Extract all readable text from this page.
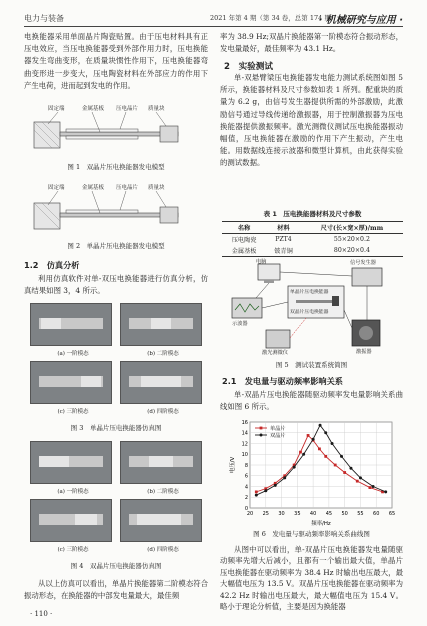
电力与装备	2021 年第 4 期（第 34 卷，总第 174 期）
· 机械研究与应用 ·

电换能器采用单面晶片陶瓷贴置。由于压电材料具有正压电效应，当压电换能器受到外部作用力时，压电换能器发生弯曲变形，在质量块惯性作用下，压电换能器弯曲变形进一步变大，压电陶瓷材料在外部应力的作用下产生电荷，进而起到发电的作用。

固定端	金属基板 压电晶片 质量块
图 1　双晶片压电换能器发电模型
固定端	金属基板 压电晶片 质量块
图 2　单晶片压电换能器发电模型
1.2　仿真分析

利用仿真软件对单-双压电换能器进行仿真分析，仿真结果如图 3，4 所示。

(a) 一阶模态	(b) 二阶模态
(c) 三阶模态	(d) 四阶模态
图 3　单晶片压电换能器仿真图
(a) 一阶模态	(b) 二阶模态
(c) 三阶模态	(d) 四阶模态
图 4　双晶片压电换能器仿真图

从以上仿真可以看出，单晶片换能器第二阶模态符合振动形态，在换能器的中部发电量最大，最佳频

· 110 ·

率为 38.9 Hz;双晶片换能器第一阶模态符合振动形态，发电量最好，最佳频率为 43.1 Hz。

2　实验测试

单-双悬臂梁压电换能器发电能力测试系统图如图 5 所示，换能器材料及尺寸参数如表 1 所列。配重块的质量为 6.2 g，由信号发生器提供所需的外部激励，此激励信号通过导线传递给激振器，用于控制激振器为压电换能器提供激振频率。激光测微仪测试压电换能器振动幅值，压电换能器在激励的作用下产生振动，产生电能。用数据线连接示波器和微型计算机，由此获得实验的测试数据。

表 1　压电换能器材料及尺寸参数
名称	材料	尺寸(长×宽×厚)/mm
压电陶瓷	PZT4	55×20×0.2
金属基板	铍青铜	80×20×0.4
电脑
示波器
信号发生器
单晶片压电换能器
双晶片压电换能器
激光测微仪	激振器
图 5　测试装置系统简图
2.1　发电量与驱动频率影响关系

单-双晶片压电换能器随驱动频率发电量影响关系曲线如图 6 所示。

0
2
4
6
8
10
12
14
16
20 25 30 35 40 45 50 55 60 65
频率/Hz
电压/V
单晶片
双晶片
图 6　发电量与驱动频率影响关系曲线图

从图中可以看出，单-双晶片压电换能器发电量随驱动频率先增大后减小，且都有一个输出最大值，单晶片压电换能器在驱动频率为 38.4 Hz 时输出电压最大，最大幅值电压为 13.5 V。双晶片压电换能器在驱动频率为 42.2 Hz 时输出电压最大，最大幅值电压为 15.4 V。略小于理论分析值，主要是因为换能器
